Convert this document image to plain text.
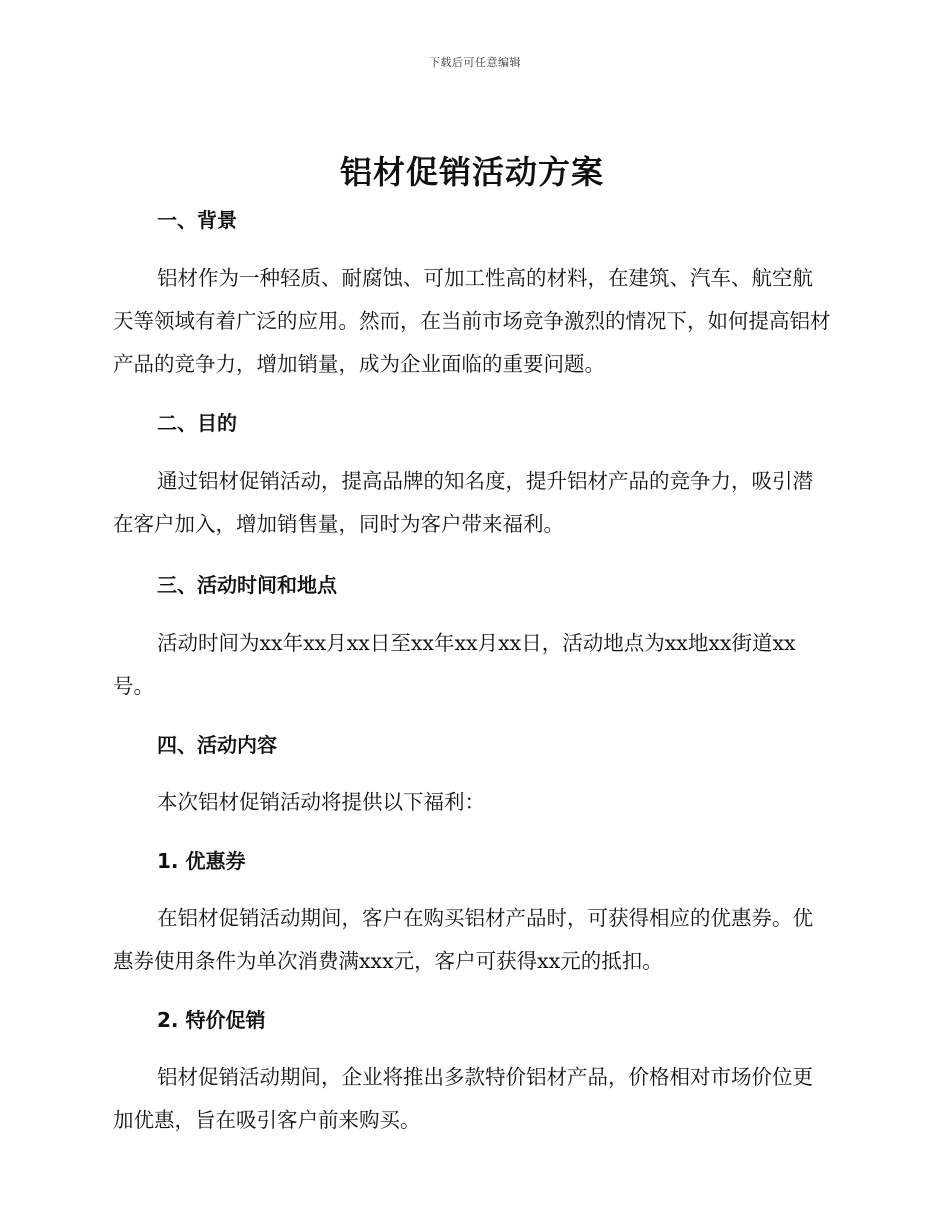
下载后可任意编辑
铝材促销活动方案
一、背景

铝材作为一种轻质、耐腐蚀、可加工性高的材料，在建筑、汽车、航空航天等领域有着广泛的应用。然而，在当前市场竞争激烈的情况下，如何提高铝材产品的竞争力，增加销量，成为企业面临的重要问题。

二、目的

通过铝材促销活动，提高品牌的知名度，提升铝材产品的竞争力，吸引潜在客户加入，增加销售量，同时为客户带来福利。

三、活动时间和地点

活动时间为xx年xx月xx日至xx年xx月xx日，活动地点为xx地xx街道xx号。

四、活动内容

本次铝材促销活动将提供以下福利：

1. 优惠券

在铝材促销活动期间，客户在购买铝材产品时，可获得相应的优惠券。优惠券使用条件为单次消费满xxx元，客户可获得xx元的抵扣。

2. 特价促销

铝材促销活动期间，企业将推出多款特价铝材产品，价格相对市场价位更加优惠，旨在吸引客户前来购买。
